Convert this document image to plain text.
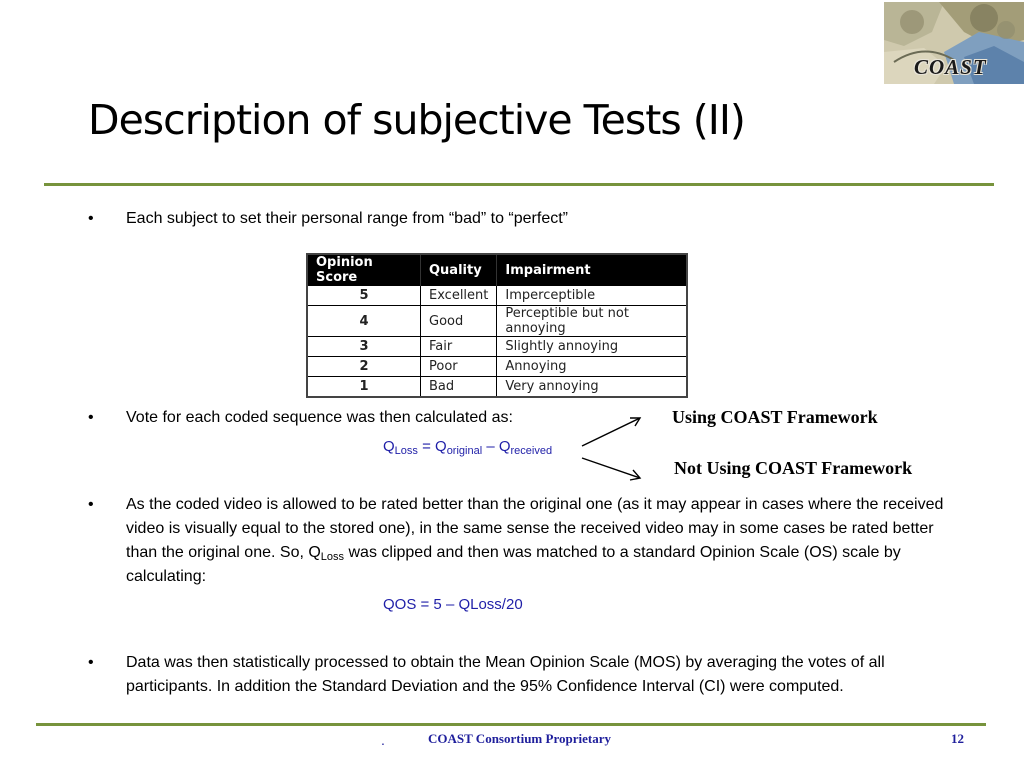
COAST
Description of subjective Tests (II)
• Each subject to set their personal range from “bad” to “perfect”
Opinion Score	Quality	Impairment
5	Excellent	Imperceptible
4	Good	Perceptible but not annoying
3	Fair	Slightly annoying
2	Poor	Annoying
1	Bad	Very annoying
• Vote for each coded sequence was then calculated as:
$Q_{Loss} = Q_{original} - Q_{received}$
Using COAST Framework
Not Using COAST Framework
• As the coded video is allowed to be rated better than the original one (as it may appear in cases where the received video is visually equal to the stored one), in the same sense the received video may in some cases be rated better than the original one. So, $Q_{Loss}$ was clipped and then was matched to a standard Opinion Scale (OS) scale by calculating:
QOS = 5 – QLoss/20
• Data was then statistically processed to obtain the Mean Opinion Scale (MOS) by averaging the votes of all participants. In addition the Standard Deviation and the 95% Confidence Interval (CI) were computed.
.	COAST Consortium Proprietary	12
